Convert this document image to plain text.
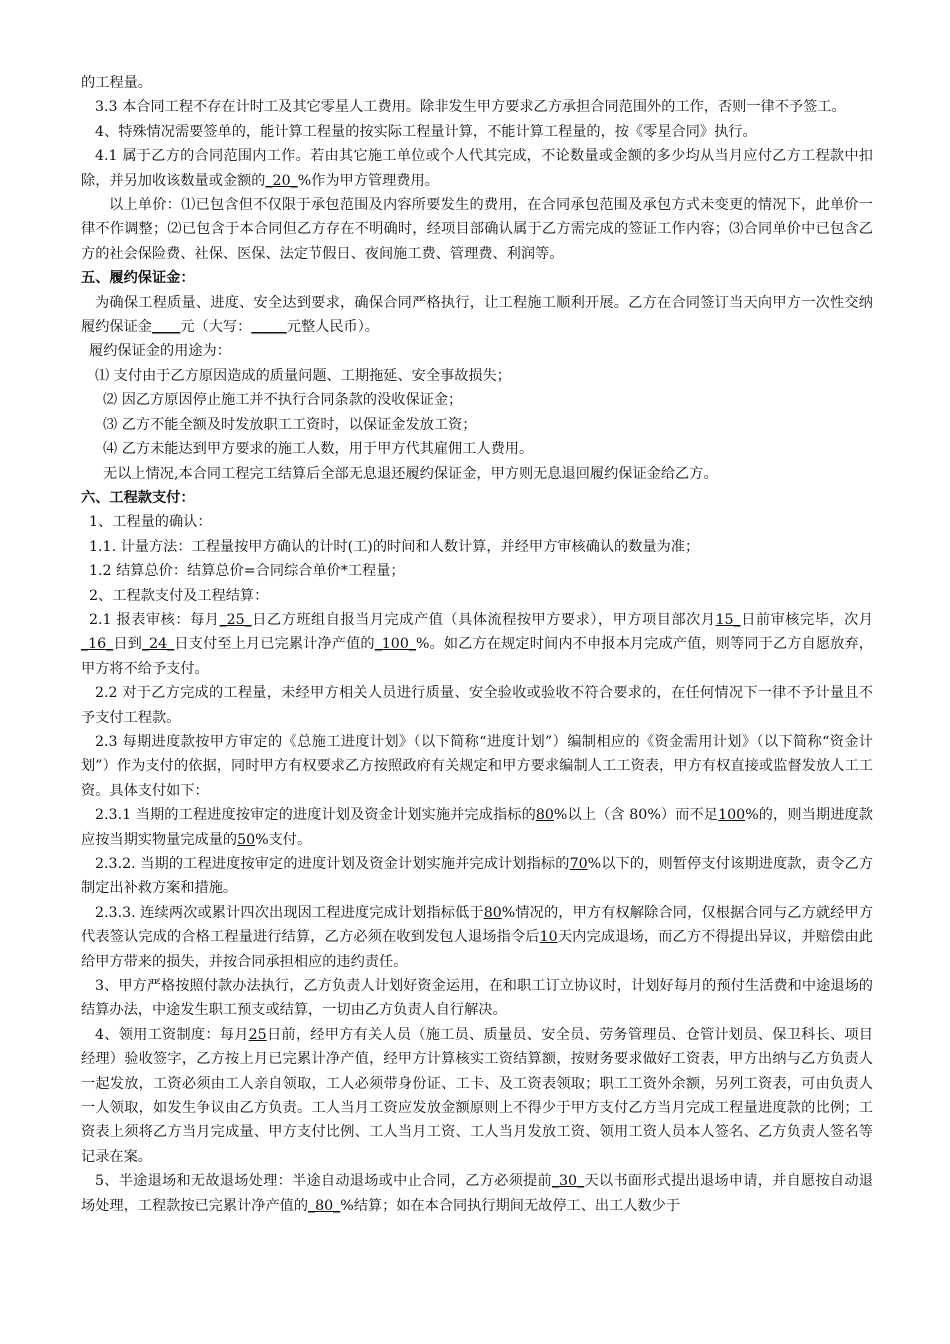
的工程量。

3.3 本合同工程不存在计时工及其它零星人工费用。除非发生甲方要求乙方承担合同范围外的工作，否则一律不予签工。

4、特殊情况需要签单的，能计算工程量的按实际工程量计算，不能计算工程量的，按《零星合同》执行。

4.1 属于乙方的合同范围内工作。若由其它施工单位或个人代其完成，不论数量或金额的多少均从当月应付乙方工程款中扣除，并另加收该数量或金额的_20_%作为甲方管理费用。

以上单价：⑴已包含但不仅限于承包范围及内容所要发生的费用，在合同承包范围及承包方式未变更的情况下，此单价一律不作调整；⑵已包含于本合同但乙方存在不明确时，经项目部确认属于乙方需完成的签证工作内容；⑶合同单价中已包含乙方的社会保险费、社保、医保、法定节假日、夜间施工费、管理费、利润等。

五、履约保证金：

为确保工程质量、进度、安全达到要求，确保合同严格执行，让工程施工顺利开展。乙方在合同签订当天向甲方一次性交纳履约保证金____元（大写：_____元整人民币）。

履约保证金的用途为：

⑴ 支付由于乙方原因造成的质量问题、工期拖延、安全事故损失；

⑵ 因乙方原因停止施工并不执行合同条款的没收保证金；

⑶ 乙方不能全额及时发放职工工资时，以保证金发放工资；

⑷ 乙方未能达到甲方要求的施工人数，用于甲方代其雇佣工人费用。

无以上情况,本合同工程完工结算后全部无息退还履约保证金，甲方则无息退回履约保证金给乙方。

六、工程款支付：

1、工程量的确认：

1.1. 计量方法：工程量按甲方确认的计时(工)的时间和人数计算，并经甲方审核确认的数量为准；

1.2 结算总价：结算总价=合同综合单价*工程量；

2、工程款支付及工程结算：

2.1 报表审核：每月_25_日乙方班组自报当月完成产值（具体流程按甲方要求），甲方项目部次月15_日前审核完毕，次月_16_日到_24_日支付至上月已完累计净产值的_100_%。如乙方在规定时间内不申报本月完成产值，则等同于乙方自愿放弃，甲方将不给予支付。

2.2 对于乙方完成的工程量，未经甲方相关人员进行质量、安全验收或验收不符合要求的，在任何情况下一律不予计量且不予支付工程款。

2.3 每期进度款按甲方审定的《总施工进度计划》（以下简称“进度计划”）编制相应的《资金需用计划》（以下简称“资金计划”）作为支付的依据，同时甲方有权要求乙方按照政府有关规定和甲方要求编制人工工资表，甲方有权直接或监督发放人工工资。具体支付如下：

2.3.1 当期的工程进度按审定的进度计划及资金计划实施并完成指标的80%以上（含 80%）而不足100%的，则当期进度款应按当期实物量完成量的50%支付。

2.3.2. 当期的工程进度按审定的进度计划及资金计划实施并完成计划指标的70%以下的，则暂停支付该期进度款，责令乙方制定出补救方案和措施。

2.3.3. 连续两次或累计四次出现因工程进度完成计划指标低于80%情况的，甲方有权解除合同，仅根据合同与乙方就经甲方代表签认完成的合格工程量进行结算，乙方必须在收到发包人退场指令后10天内完成退场，而乙方不得提出异议，并赔偿由此给甲方带来的损失，并按合同承担相应的违约责任。

3、甲方严格按照付款办法执行，乙方负责人计划好资金运用，在和职工订立协议时，计划好每月的预付生活费和中途退场的结算办法，中途发生职工预支或结算，一切由乙方负责人自行解决。

4、领用工资制度：每月25日前，经甲方有关人员（施工员、质量员、安全员、劳务管理员、仓管计划员、保卫科长、项目经理）验收签字，乙方按上月已完累计净产值，经甲方计算核实工资结算额，按财务要求做好工资表，甲方出纳与乙方负责人一起发放，工资必须由工人亲自领取，工人必须带身份证、工卡、及工资表领取；职工工资外余额，另列工资表，可由负责人一人领取，如发生争议由乙方负责。工人当月工资应发放金额原则上不得少于甲方支付乙方当月完成工程量进度款的比例；工资表上须将乙方当月完成量、甲方支付比例、工人当月工资、工人当月发放工资、领用工资人员本人签名、乙方负责人签名等记录在案。

5、半途退场和无故退场处理：半途自动退场或中止合同，乙方必须提前_30_天以书面形式提出退场申请，并自愿按自动退场处理，工程款按已完累计净产值的_80_%结算；如在本合同执行期间无故停工、出工人数少于
